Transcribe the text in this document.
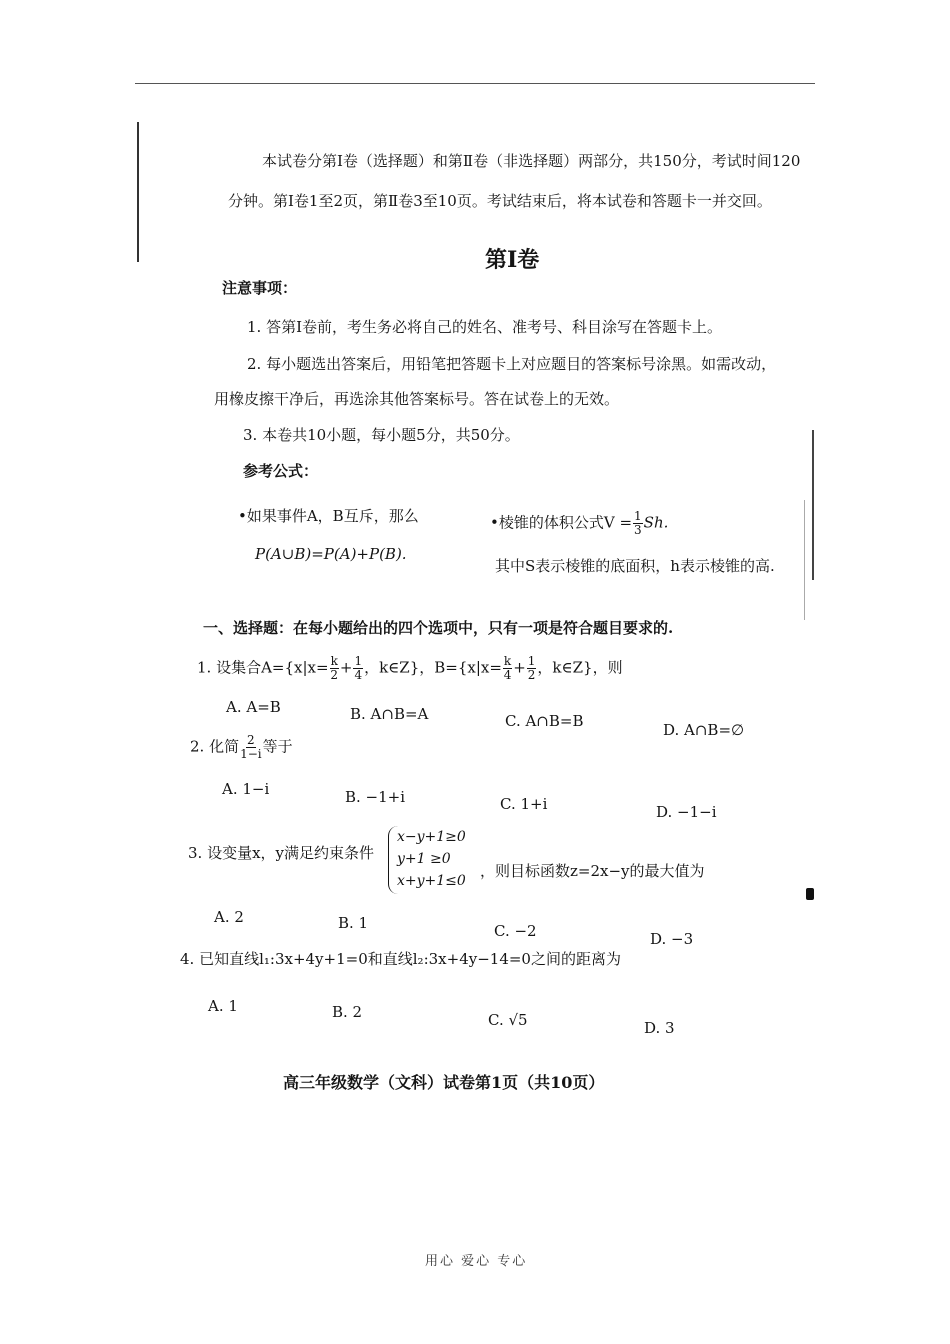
本试卷分第Ⅰ卷（选择题）和第Ⅱ卷（非选择题）两部分，共150分，考试时间120
分钟。第Ⅰ卷1至2页，第Ⅱ卷3至10页。考试结束后，将本试卷和答题卡一并交回。
第Ⅰ卷
注意事项：
1. 答第Ⅰ卷前，考生务必将自己的姓名、准考号、科目涂写在答题卡上。
2. 每小题选出答案后，用铅笔把答题卡上对应题目的答案标号涂黑。如需改动，
用橡皮擦干净后，再选涂其他答案标号。答在试卷上的无效。
3. 本卷共10小题，每小题5分，共50分。
参考公式：
•如果事件A，B互斥，那么
P(A∪B)=P(A)+P(B).
•棱锥的体积公式$V = \frac{1}{3} Sh$.
其中S表示棱锥的底面积，h表示棱锥的高.
一、选择题：在每小题给出的四个选项中，只有一项是符合题目要求的.
1. 设集合$A=\{x|x= \frac{k}{2} + \frac{1}{4}$ ，k∈Z}，$B=\{x|x= \frac{k}{4} + \frac{1}{2}$ ，k∈Z}，则
A. A=B	B. A∩B=A	C. A∩B=B	D. A∩B=∅
2. 化简 $\frac{2}{1-i}$ 等于
A. 1−i	B. −1+i	C. 1+i	D. −1−i
3. 设变量x，y满足约束条件
x−y+1≥0
y+1 ≥0
x+y+1≤0
，则目标函数z=2x−y的最大值为
A. 2	B. 1	C. −2	D. −3
4. 已知直线l₁:3x+4y+1=0和直线l₂:3x+4y−14=0之间的距离为
A. 1	B. 2	C. √5	D. 3
高三年级数学（文科）试卷第1页（共10页）
用心 爱心 专心
